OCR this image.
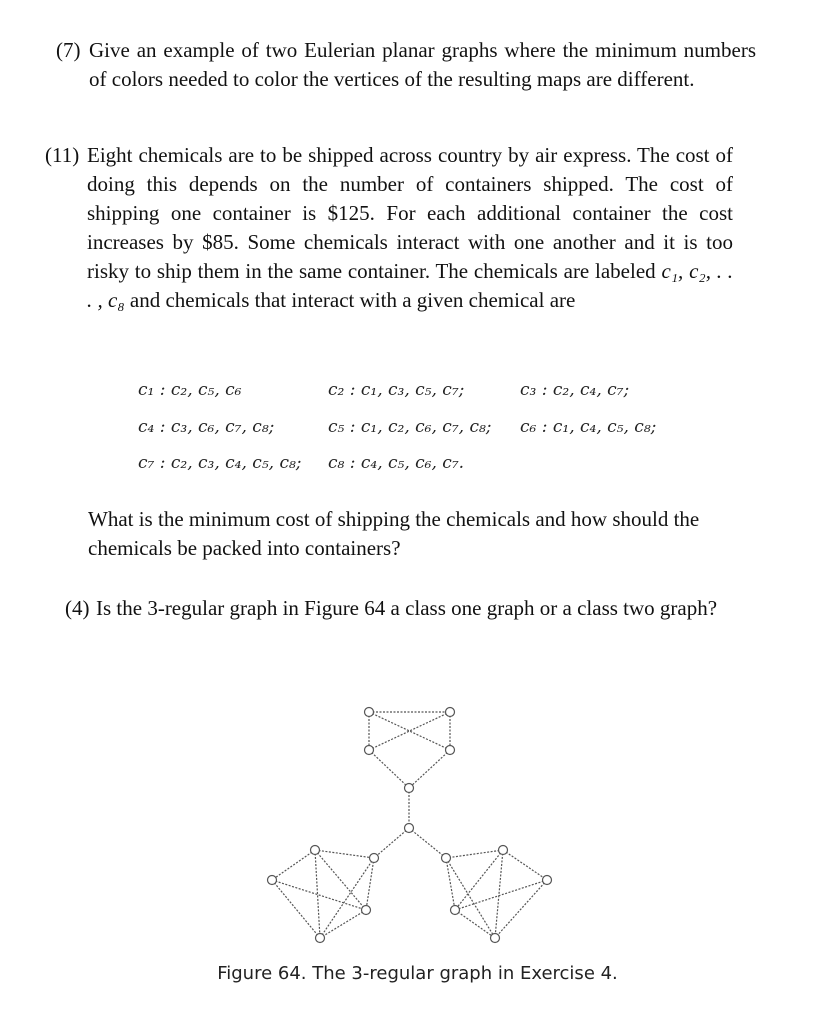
(7) Give an example of two Eulerian planar graphs where the minimum numbers of colors needed to color the vertices of the resulting maps are different.
(11) Eight chemicals are to be shipped across country by air express. The cost of doing this depends on the number of containers shipped. The cost of shipping one container is $125. For each additional container the cost increases by $85. Some chemicals interact with one another and it is too risky to ship them in the same container. The chemicals are labeled c₁, c₂, . . . , c₈ and chemicals that interact with a given chemical are
c₁ : c₂, c₅, c₆	c₂ : c₁, c₃, c₅, c₇;	c₃ : c₂, c₄, c₇;
c₄ : c₃, c₆, c₇, c₈;	c₅ : c₁, c₂, c₆, c₇, c₈; c₆ : c₁, c₄, c₅, c₈;
c₇ : c₂, c₃, c₄, c₅, c₈; c₈ : c₄, c₅, c₆, c₇.
What is the minimum cost of shipping the chemicals and how should the chemicals be packed into containers?
(4) Is the 3-regular graph in Figure 64 a class one graph or a class two graph?
Figure 64. The 3-regular graph in Exercise 4.
